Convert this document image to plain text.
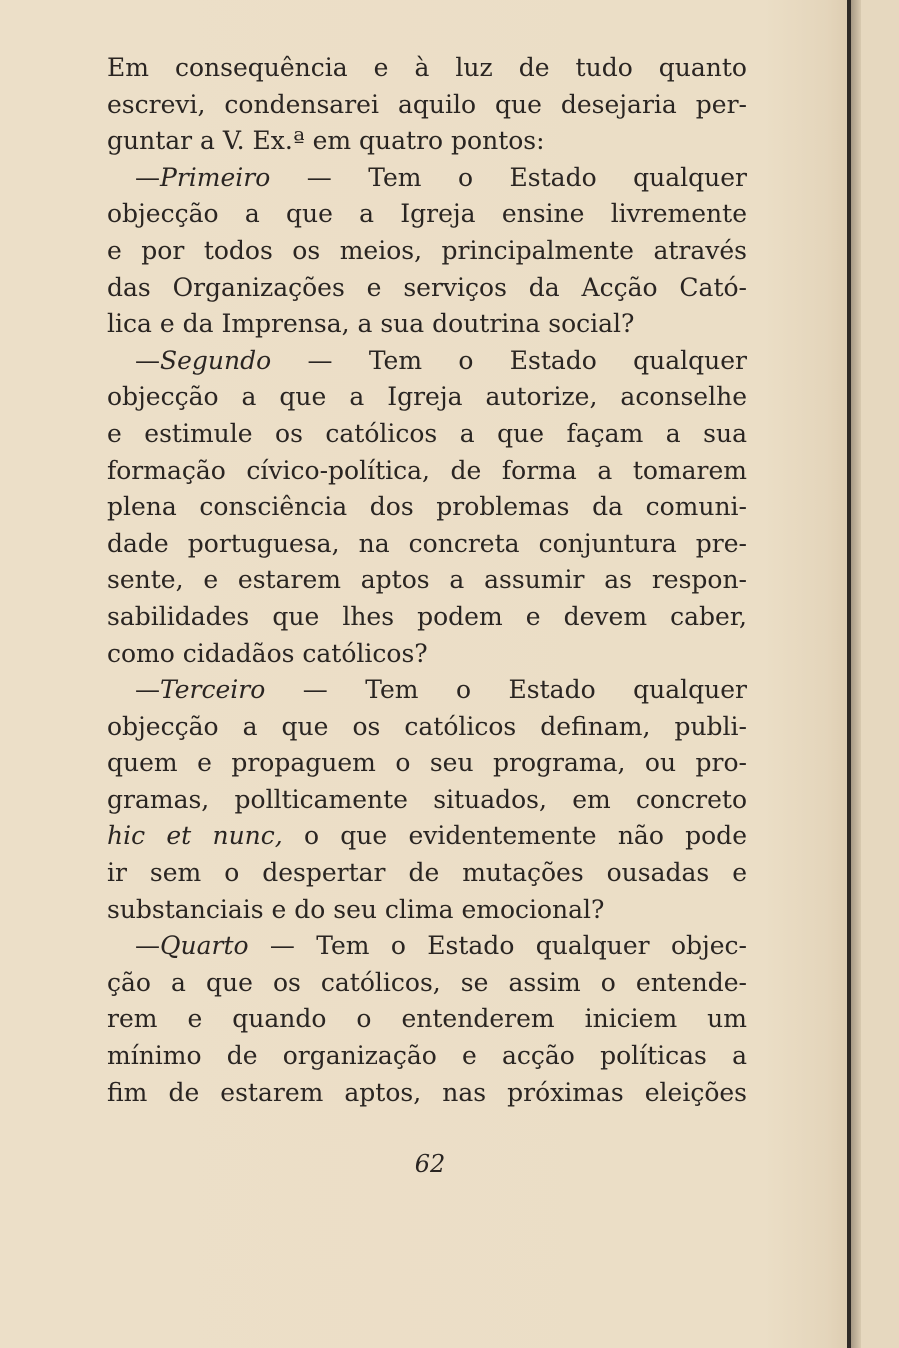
Em consequência e à luz de tudo quanto
escrevi, condensarei aquilo que desejaria per-
guntar a V. Ex.ª em quatro pontos:
—Primeiro — Tem o Estado qualquer
objecção a que a Igreja ensine livremente
e por todos os meios, principalmente através
das Organizações e serviços da Acção Cató-
lica e da Imprensa, a sua doutrina social?
—Segundo — Tem o Estado qualquer
objecção a que a Igreja autorize, aconselhe
e estimule os católicos a que façam a sua
formação cívico-política, de forma a tomarem
plena consciência dos problemas da comuni-
dade portuguesa, na concreta conjuntura pre-
sente, e estarem aptos a assumir as respon-
sabilidades que lhes podem e devem caber,
como cidadãos católicos?
—Terceiro — Tem o Estado qualquer
objecção a que os católicos definam, publi-
quem e propaguem o seu programa, ou pro-
gramas, pollticamente situados, em concreto
hic et nunc, o que evidentemente não pode
ir sem o despertar de mutações ousadas e
substanciais e do seu clima emocional?
—Quarto — Tem o Estado qualquer objec-
ção a que os católicos, se assim o entende-
rem e quando o entenderem iniciem um
mínimo de organização e acção políticas a
fim de estarem aptos, nas próximas eleições
62
